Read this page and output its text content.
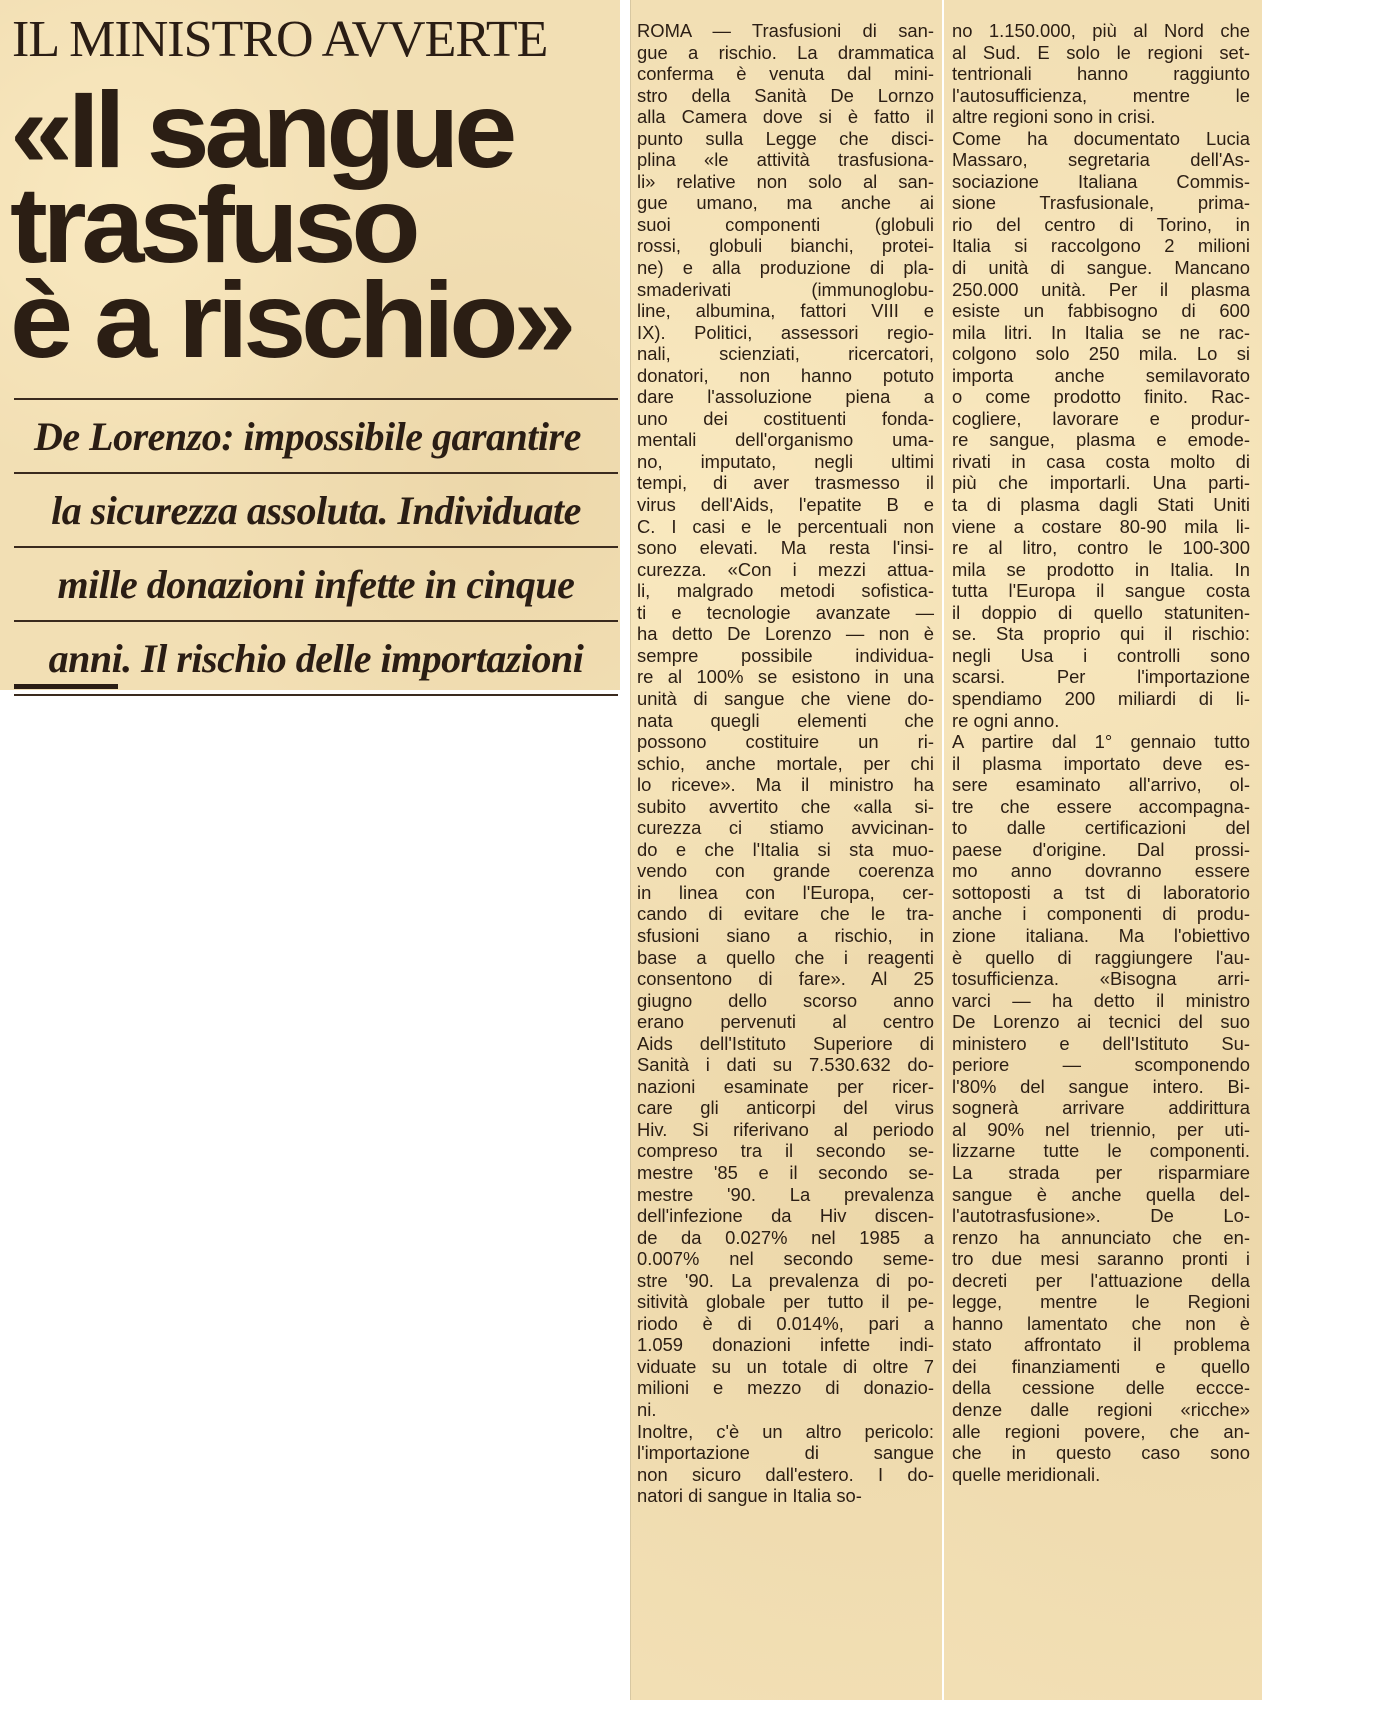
IL MINISTRO AVVERTE
«Il sangue
trasfuso
è a rischio»
De Lorenzo: impossibile garantire
la sicurezza assoluta. Individuate
mille donazioni infette in cinque
anni. Il rischio delle importazioni
ROMA — Trasfusioni di san-
gue a rischio. La drammatica
conferma è venuta dal mini-
stro della Sanità De Lornzo
alla Camera dove si è fatto il
punto sulla Legge che disci-
plina «le attività trasfusiona-
li» relative non solo al san-
gue umano, ma anche ai
suoi componenti (globuli
rossi, globuli bianchi, protei-
ne) e alla produzione di pla-
smaderivati (immunoglobu-
line, albumina, fattori VIII e
IX). Politici, assessori regio-
nali, scienziati, ricercatori,
donatori, non hanno potuto
dare l'assoluzione piena a
uno dei costituenti fonda-
mentali dell'organismo uma-
no, imputato, negli ultimi
tempi, di aver trasmesso il
virus dell'Aids, l'epatite B e
C. I casi e le percentuali non
sono elevati. Ma resta l'insi-
curezza. «Con i mezzi attua-
li, malgrado metodi sofistica-
ti e tecnologie avanzate —
ha detto De Lorenzo — non è
sempre possibile individua-
re al 100% se esistono in una
unità di sangue che viene do-
nata quegli elementi che
possono costituire un ri-
schio, anche mortale, per chi
lo riceve». Ma il ministro ha
subito avvertito che «alla si-
curezza ci stiamo avvicinan-
do e che l'Italia si sta muo-
vendo con grande coerenza
in linea con l'Europa, cer-
cando di evitare che le tra-
sfusioni siano a rischio, in
base a quello che i reagenti
consentono di fare». Al 25
giugno dello scorso anno
erano pervenuti al centro
Aids dell'Istituto Superiore di
Sanità i dati su 7.530.632 do-
nazioni esaminate per ricer-
care gli anticorpi del virus
Hiv. Si riferivano al periodo
compreso tra il secondo se-
mestre '85 e il secondo se-
mestre '90. La prevalenza
dell'infezione da Hiv discen-
de da 0.027% nel 1985 a
0.007% nel secondo seme-
stre '90. La prevalenza di po-
sitività globale per tutto il pe-
riodo è di 0.014%, pari a
1.059 donazioni infette indi-
viduate su un totale di oltre 7
milioni e mezzo di donazio-
ni.
Inoltre, c'è un altro pericolo:
l'importazione di sangue
non sicuro dall'estero. I do-
natori di sangue in Italia so-
no 1.150.000, più al Nord che
al Sud. E solo le regioni set-
tentrionali hanno raggiunto
l'autosufficienza, mentre le
altre regioni sono in crisi.
Come ha documentato Lucia
Massaro, segretaria dell'As-
sociazione Italiana Commis-
sione Trasfusionale, prima-
rio del centro di Torino, in
Italia si raccolgono 2 milioni
di unità di sangue. Mancano
250.000 unità. Per il plasma
esiste un fabbisogno di 600
mila litri. In Italia se ne rac-
colgono solo 250 mila. Lo si
importa anche semilavorato
o come prodotto finito. Rac-
cogliere, lavorare e produr-
re sangue, plasma e emode-
rivati in casa costa molto di
più che importarli. Una parti-
ta di plasma dagli Stati Uniti
viene a costare 80-90 mila li-
re al litro, contro le 100-300
mila se prodotto in Italia. In
tutta l'Europa il sangue costa
il doppio di quello statuniten-
se. Sta proprio qui il rischio:
negli Usa i controlli sono
scarsi. Per l'importazione
spendiamo 200 miliardi di li-
re ogni anno.
A partire dal 1° gennaio tutto
il plasma importato deve es-
sere esaminato all'arrivo, ol-
tre che essere accompagna-
to dalle certificazioni del
paese d'origine. Dal prossi-
mo anno dovranno essere
sottoposti a tst di laboratorio
anche i componenti di produ-
zione italiana. Ma l'obiettivo
è quello di raggiungere l'au-
tosufficienza. «Bisogna arri-
varci — ha detto il ministro
De Lorenzo ai tecnici del suo
ministero e dell'Istituto Su-
periore — scomponendo
l'80% del sangue intero. Bi-
sognerà arrivare addirittura
al 90% nel triennio, per uti-
lizzarne tutte le componenti.
La strada per risparmiare
sangue è anche quella del-
l'autotrasfusione». De Lo-
renzo ha annunciato che en-
tro due mesi saranno pronti i
decreti per l'attuazione della
legge, mentre le Regioni
hanno lamentato che non è
stato affrontato il problema
dei finanziamenti e quello
della cessione delle eccce-
denze dalle regioni «ricche»
alle regioni povere, che an-
che in questo caso sono
quelle meridionali.
